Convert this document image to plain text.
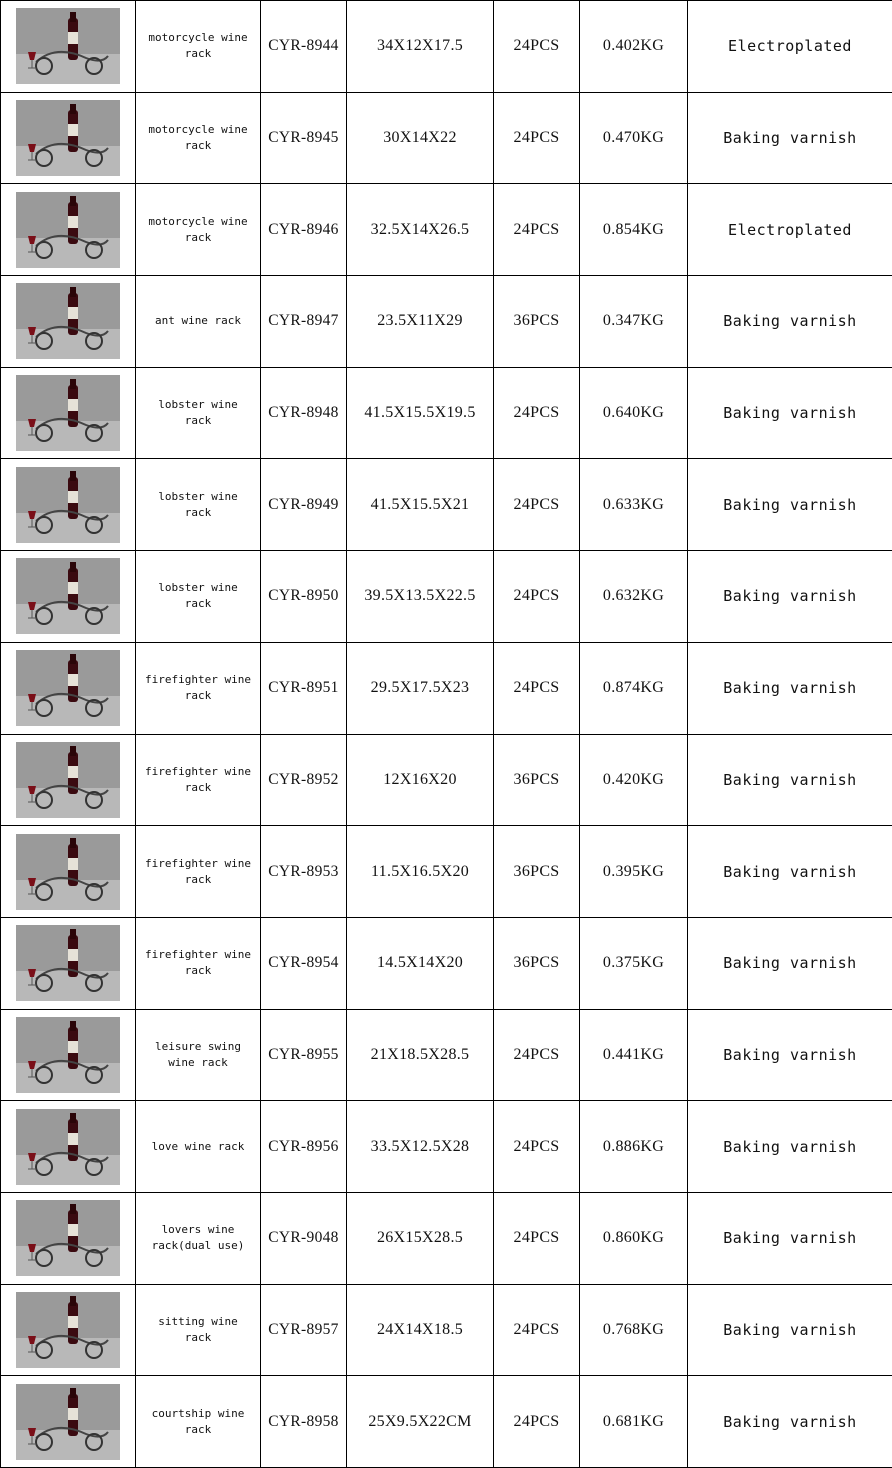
	motorcycle wine rack	CYR-8944	34X12X17.5	24PCS	0.402KG	Electroplated

	motorcycle wine rack	CYR-8945	30X14X22	24PCS	0.470KG	Baking varnish

	motorcycle wine rack	CYR-8946	32.5X14X26.5	24PCS	0.854KG	Electroplated

	ant wine rack	CYR-8947	23.5X11X29	36PCS	0.347KG	Baking varnish

	lobster wine rack	CYR-8948	41.5X15.5X19.5	24PCS	0.640KG	Baking varnish

	lobster wine rack	CYR-8949	41.5X15.5X21	24PCS	0.633KG	Baking varnish

	lobster wine rack	CYR-8950	39.5X13.5X22.5	24PCS	0.632KG	Baking varnish

	firefighter wine rack	CYR-8951	29.5X17.5X23	24PCS	0.874KG	Baking varnish

	firefighter wine rack	CYR-8952	12X16X20	36PCS	0.420KG	Baking varnish

	firefighter wine rack	CYR-8953	11.5X16.5X20	36PCS	0.395KG	Baking varnish

	firefighter wine rack	CYR-8954	14.5X14X20	36PCS	0.375KG	Baking varnish

	leisure swing wine rack	CYR-8955	21X18.5X28.5	24PCS	0.441KG	Baking varnish

	love wine rack	CYR-8956	33.5X12.5X28	24PCS	0.886KG	Baking varnish

	lovers wine rack(dual use)	CYR-9048	26X15X28.5	24PCS	0.860KG	Baking varnish

	sitting wine rack	CYR-8957	24X14X18.5	24PCS	0.768KG	Baking varnish

	courtship wine rack	CYR-8958	25X9.5X22CM	24PCS	0.681KG	Baking varnish
